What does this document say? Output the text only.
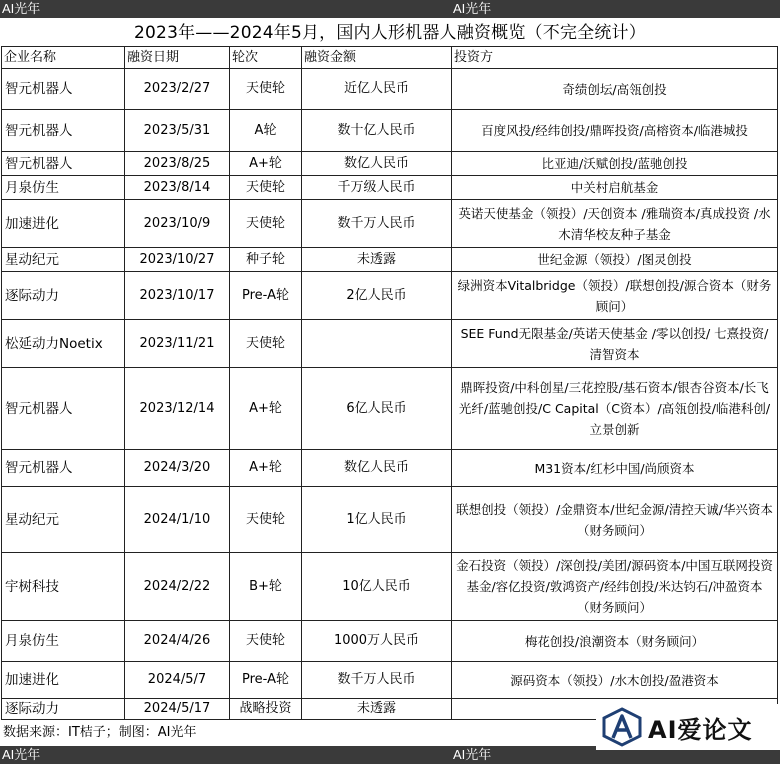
AI光年	AI光年
2023年——2024年5月，国内人形机器人融资概览（不完全统计）
企业名称	融资日期	轮次	融资金额	投资方
智元机器人	2023/2/27	天使轮	近亿人民币	奇绩创坛/高瓴创投
智元机器人	2023/5/31	A轮	数十亿人民币	百度风投/经纬创投/鼎晖投资/高榕资本/临港城投
智元机器人	2023/8/25	A+轮	数亿人民币	比亚迪/沃赋创投/蓝驰创投
月泉仿生	2023/8/14	天使轮	千万级人民币	中关村启航基金
加速进化	2023/10/9	天使轮	数千万人民币	英诺天使基金（领投）/天创资本 /雅瑞资本/真成投资 /水木清华校友种子基金
星动纪元	2023/10/27	种子轮	未透露	世纪金源（领投）/图灵创投
逐际动力	2023/10/17	Pre-A轮	2亿人民币	绿洲资本Vitalbridge（领投）/联想创投/源合资本（财务顾问）
松延动力Noetix	2023/11/21	天使轮		SEE Fund无限基金/英诺天使基金 /零以创投/ 七熹投资/ 清智资本
智元机器人	2023/12/14	A+轮	6亿人民币	鼎晖投资/中科创星/三花控股/基石资本/银杏谷资本/长飞光纤/蓝驰创投/C Capital（C资本）/高瓴创投/临港科创/立景创新
智元机器人	2024/3/20	A+轮	数亿人民币	M31资本/红杉中国/尚颀资本
星动纪元	2024/1/10	天使轮	1亿人民币	联想创投（领投）/金鼎资本/世纪金源/清控天诚/华兴资本（财务顾问）
宇树科技	2024/2/22	B+轮	10亿人民币	金石投资（领投）/深创投/美团/源码资本/中国互联网投资基金/容亿投资/敦鸿资产/经纬创投/米达钧石/冲盈资本（财务顾问）
月泉仿生	2024/4/26	天使轮	1000万人民币	梅花创投/浪潮资本（财务顾问）
加速进化	2024/5/7	Pre-A轮	数千万人民币	源码资本（领投）/水木创投/盈港资本
逐际动力	2024/5/17	战略投资	未透露	
数据来源：IT桔子；制图：AI光年
AI光年	AI光年
AI爱论文
